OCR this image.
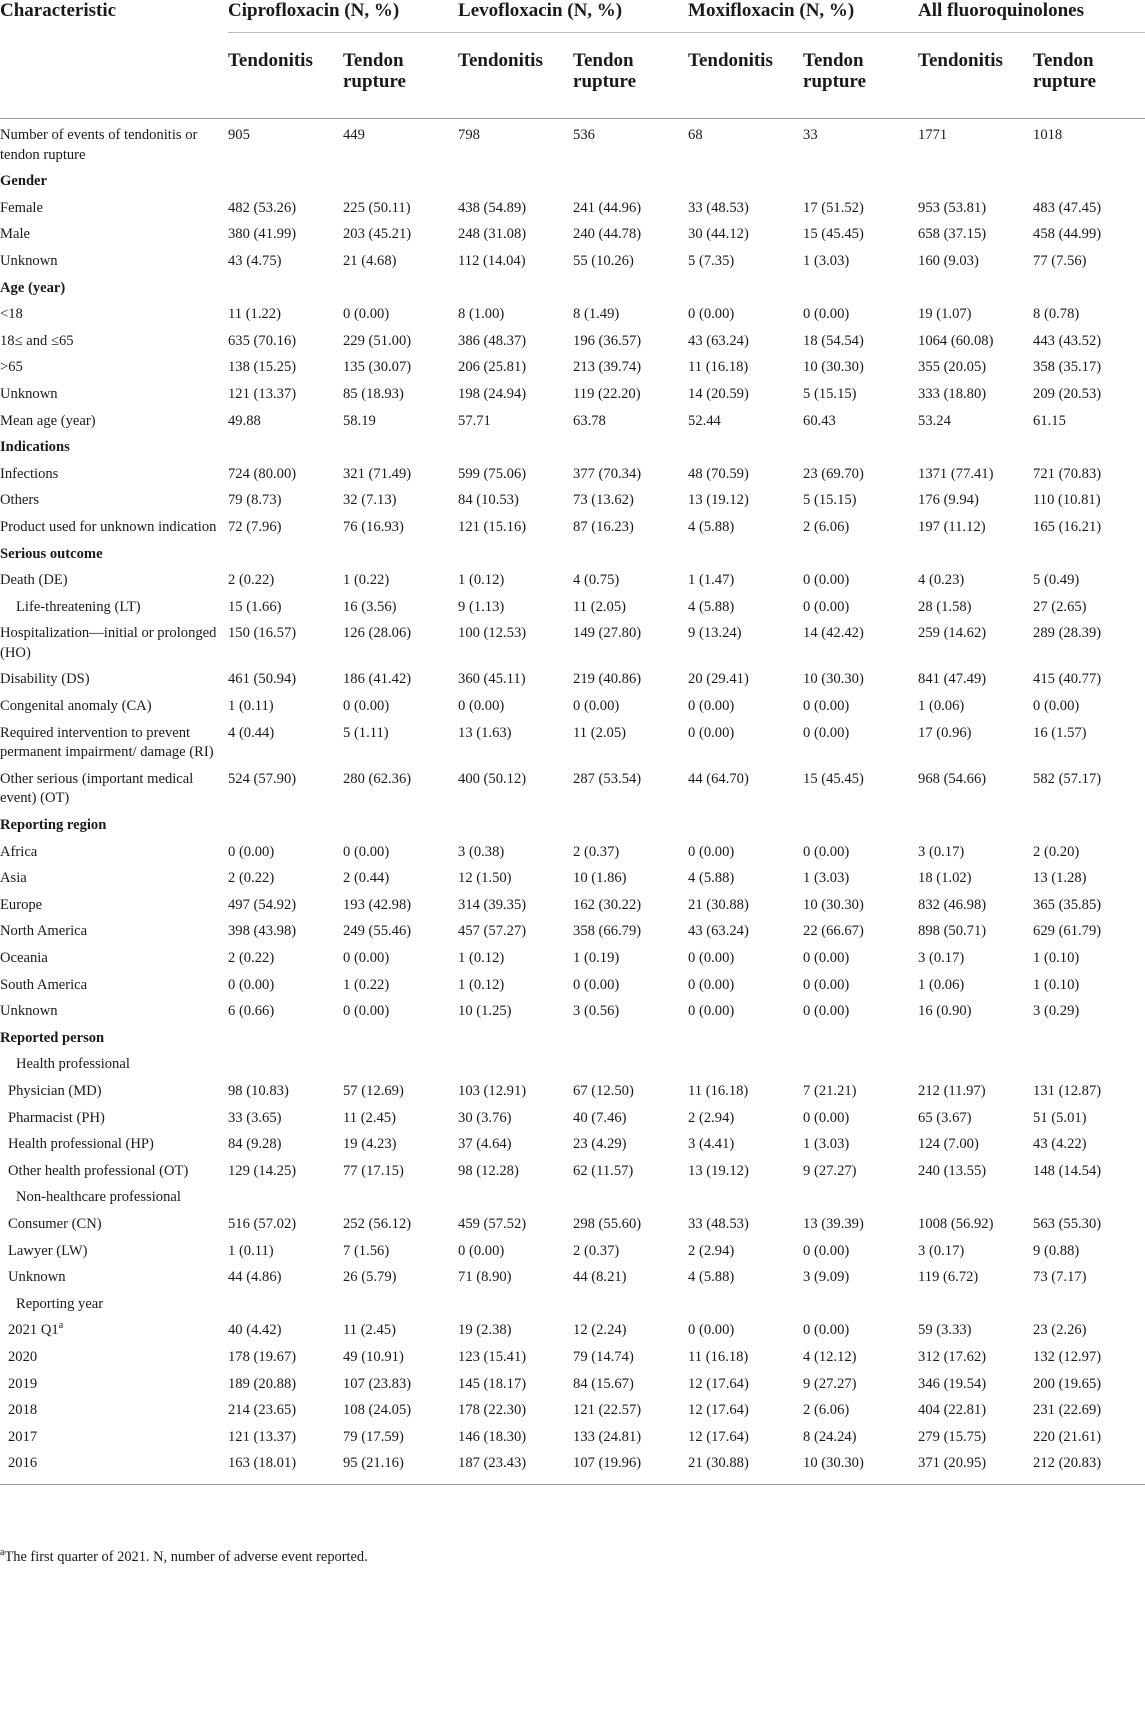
Characteristic	Ciprofloxacin (N, %)		Levofloxacin (N, %)		Moxifloxacin (N, %)		All fluoroquinolones	

	Tendonitis	Tendon rupture	Tendonitis	Tendon rupture	Tendonitis	Tendon rupture	Tendonitis	Tendon rupture
Number of events of tendonitis or tendon rupture	905	449	798	536	68	33	1771	1018
Gender								
Female	482 (53.26)	225 (50.11)	438 (54.89)	241 (44.96)	33 (48.53)	17 (51.52)	953 (53.81)	483 (47.45)
Male	380 (41.99)	203 (45.21)	248 (31.08)	240 (44.78)	30 (44.12)	15 (45.45)	658 (37.15)	458 (44.99)
Unknown	43 (4.75)	21 (4.68)	112 (14.04)	55 (10.26)	5 (7.35)	1 (3.03)	160 (9.03)	77 (7.56)
Age (year)								
<18	11 (1.22)	0 (0.00)	8 (1.00)	8 (1.49)	0 (0.00)	0 (0.00)	19 (1.07)	8 (0.78)
18≤ and ≤65	635 (70.16)	229 (51.00)	386 (48.37)	196 (36.57)	43 (63.24)	18 (54.54)	1064 (60.08)	443 (43.52)
>65	138 (15.25)	135 (30.07)	206 (25.81)	213 (39.74)	11 (16.18)	10 (30.30)	355 (20.05)	358 (35.17)
Unknown	121 (13.37)	85 (18.93)	198 (24.94)	119 (22.20)	14 (20.59)	5 (15.15)	333 (18.80)	209 (20.53)
Mean age (year)	49.88	58.19	57.71	63.78	52.44	60.43	53.24	61.15
Indications								
Infections	724 (80.00)	321 (71.49)	599 (75.06)	377 (70.34)	48 (70.59)	23 (69.70)	1371 (77.41)	721 (70.83)
Others	79 (8.73)	32 (7.13)	84 (10.53)	73 (13.62)	13 (19.12)	5 (15.15)	176 (9.94)	110 (10.81)
Product used for unknown indication	72 (7.96)	76 (16.93)	121 (15.16)	87 (16.23)	4 (5.88)	2 (6.06)	197 (11.12)	165 (16.21)
Serious outcome								
Death (DE)	2 (0.22)	1 (0.22)	1 (0.12)	4 (0.75)	1 (1.47)	0 (0.00)	4 (0.23)	5 (0.49)
Life-threatening (LT)	15 (1.66)	16 (3.56)	9 (1.13)	11 (2.05)	4 (5.88)	0 (0.00)	28 (1.58)	27 (2.65)
Hospitalization—initial or prolonged (HO)	150 (16.57)	126 (28.06)	100 (12.53)	149 (27.80)	9 (13.24)	14 (42.42)	259 (14.62)	289 (28.39)
Disability (DS)	461 (50.94)	186 (41.42)	360 (45.11)	219 (40.86)	20 (29.41)	10 (30.30)	841 (47.49)	415 (40.77)
Congenital anomaly (CA)	1 (0.11)	0 (0.00)	0 (0.00)	0 (0.00)	0 (0.00)	0 (0.00)	1 (0.06)	0 (0.00)
Required intervention to prevent permanent impairment/ damage (RI)	4 (0.44)	5 (1.11)	13 (1.63)	11 (2.05)	0 (0.00)	0 (0.00)	17 (0.96)	16 (1.57)
Other serious (important medical event) (OT)	524 (57.90)	280 (62.36)	400 (50.12)	287 (53.54)	44 (64.70)	15 (45.45)	968 (54.66)	582 (57.17)
Reporting region								
Africa	0 (0.00)	0 (0.00)	3 (0.38)	2 (0.37)	0 (0.00)	0 (0.00)	3 (0.17)	2 (0.20)
Asia	2 (0.22)	2 (0.44)	12 (1.50)	10 (1.86)	4 (5.88)	1 (3.03)	18 (1.02)	13 (1.28)
Europe	497 (54.92)	193 (42.98)	314 (39.35)	162 (30.22)	21 (30.88)	10 (30.30)	832 (46.98)	365 (35.85)
North America	398 (43.98)	249 (55.46)	457 (57.27)	358 (66.79)	43 (63.24)	22 (66.67)	898 (50.71)	629 (61.79)
Oceania	2 (0.22)	0 (0.00)	1 (0.12)	1 (0.19)	0 (0.00)	0 (0.00)	3 (0.17)	1 (0.10)
South America	0 (0.00)	1 (0.22)	1 (0.12)	0 (0.00)	0 (0.00)	0 (0.00)	1 (0.06)	1 (0.10)
Unknown	6 (0.66)	0 (0.00)	10 (1.25)	3 (0.56)	0 (0.00)	0 (0.00)	16 (0.90)	3 (0.29)
Reported person								
Health professional								
Physician (MD)	98 (10.83)	57 (12.69)	103 (12.91)	67 (12.50)	11 (16.18)	7 (21.21)	212 (11.97)	131 (12.87)
Pharmacist (PH)	33 (3.65)	11 (2.45)	30 (3.76)	40 (7.46)	2 (2.94)	0 (0.00)	65 (3.67)	51 (5.01)
Health professional (HP)	84 (9.28)	19 (4.23)	37 (4.64)	23 (4.29)	3 (4.41)	1 (3.03)	124 (7.00)	43 (4.22)
Other health professional (OT)	129 (14.25)	77 (17.15)	98 (12.28)	62 (11.57)	13 (19.12)	9 (27.27)	240 (13.55)	148 (14.54)
Non-healthcare professional								
Consumer (CN)	516 (57.02)	252 (56.12)	459 (57.52)	298 (55.60)	33 (48.53)	13 (39.39)	1008 (56.92)	563 (55.30)
Lawyer (LW)	1 (0.11)	7 (1.56)	0 (0.00)	2 (0.37)	2 (2.94)	0 (0.00)	3 (0.17)	9 (0.88)
Unknown	44 (4.86)	26 (5.79)	71 (8.90)	44 (8.21)	4 (5.88)	3 (9.09)	119 (6.72)	73 (7.17)
Reporting year								
2021 Q1$^a$	40 (4.42)	11 (2.45)	19 (2.38)	12 (2.24)	0 (0.00)	0 (0.00)	59 (3.33)	23 (2.26)
2020	178 (19.67)	49 (10.91)	123 (15.41)	79 (14.74)	11 (16.18)	4 (12.12)	312 (17.62)	132 (12.97)
2019	189 (20.88)	107 (23.83)	145 (18.17)	84 (15.67)	12 (17.64)	9 (27.27)	346 (19.54)	200 (19.65)
2018	214 (23.65)	108 (24.05)	178 (22.30)	121 (22.57)	12 (17.64)	2 (6.06)	404 (22.81)	231 (22.69)
2017	121 (13.37)	79 (17.59)	146 (18.30)	133 (24.81)	12 (17.64)	8 (24.24)	279 (15.75)	220 (21.61)
2016	163 (18.01)	95 (21.16)	187 (23.43)	107 (19.96)	21 (30.88)	10 (30.30)	371 (20.95)	212 (20.83)
$^a$The first quarter of 2021. N, number of adverse event reported.
